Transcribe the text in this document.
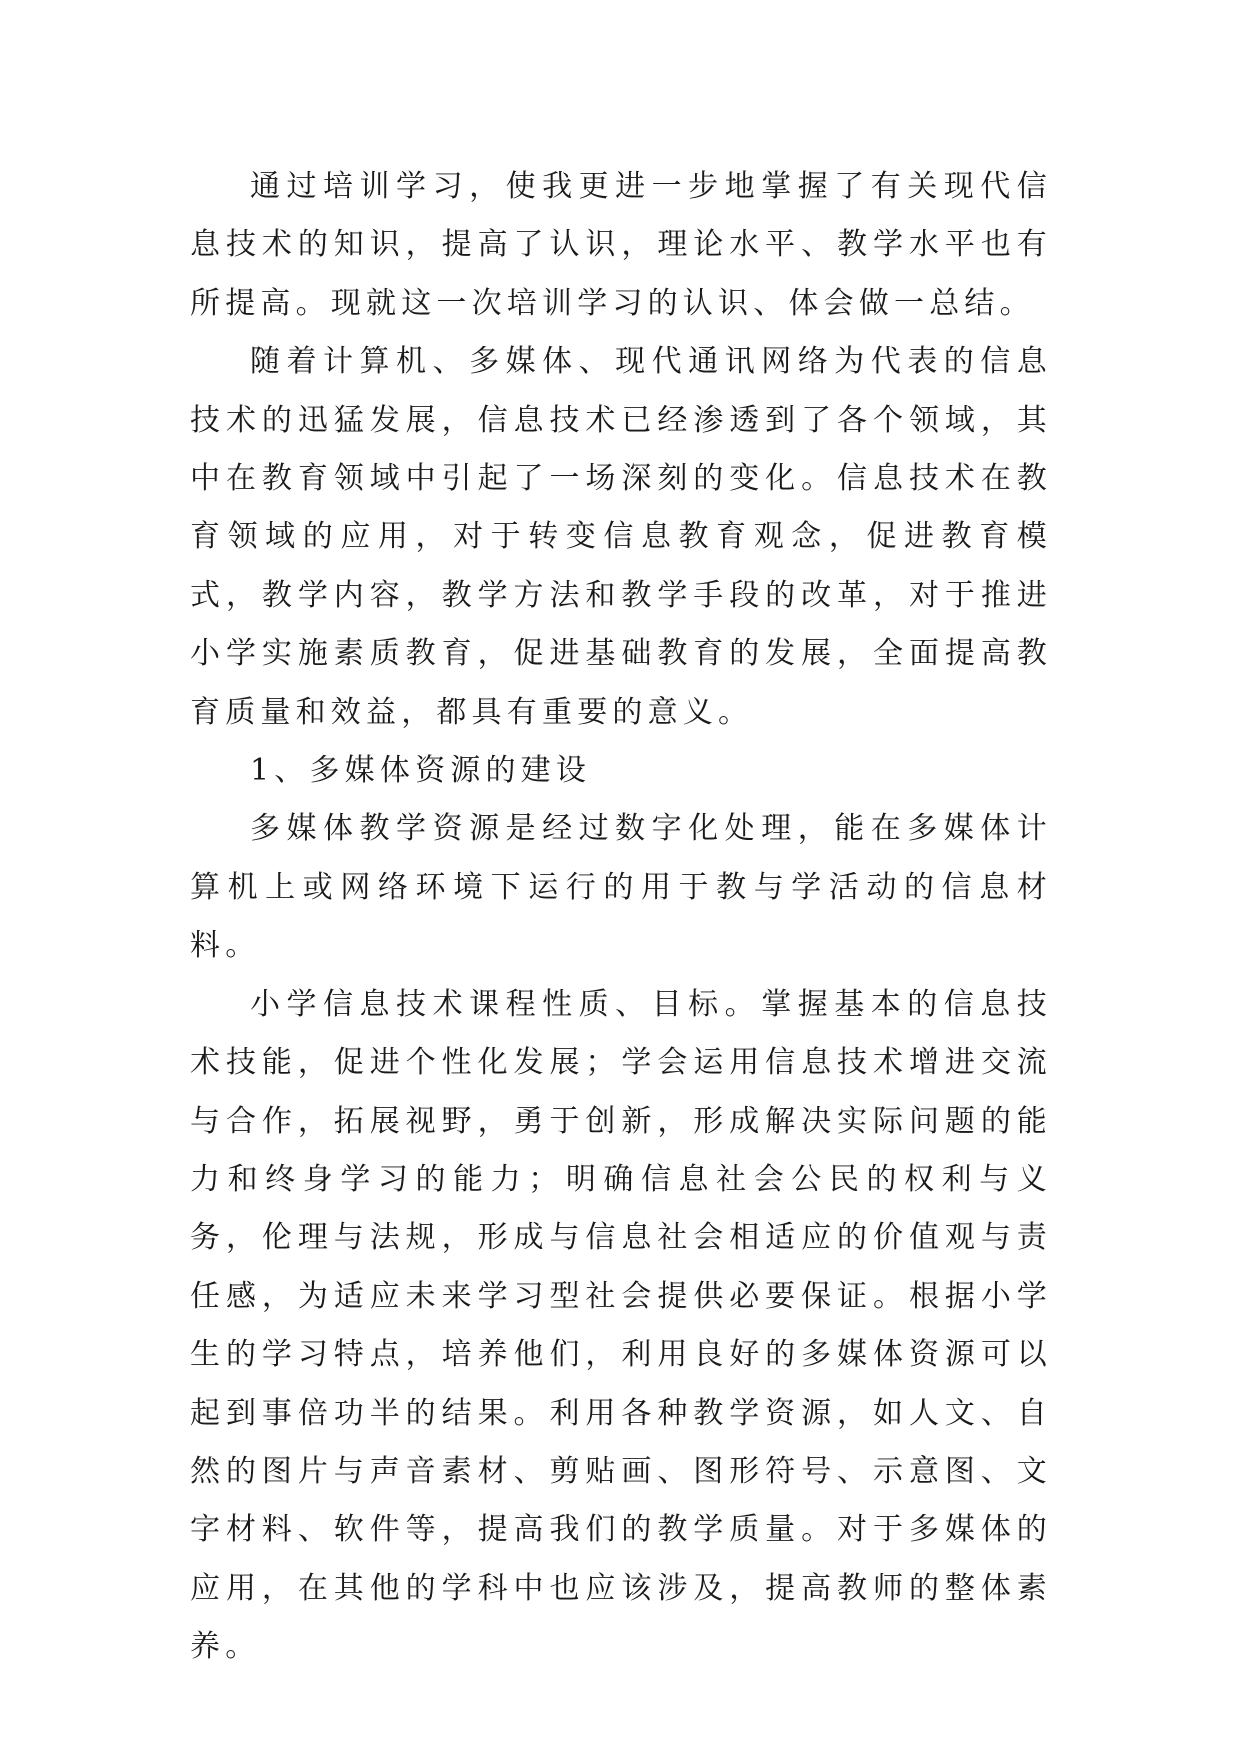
通过培训学习，使我更进一步地掌握了有关现代信息技术的知识，提高了认识，理论水平、教学水平也有所提高。现就这一次培训学习的认识、体会做一总结。

随着计算机、多媒体、现代通讯网络为代表的信息技术的迅猛发展，信息技术已经渗透到了各个领域，其中在教育领域中引起了一场深刻的变化。信息技术在教育领域的应用，对于转变信息教育观念，促进教育模式，教学内容，教学方法和教学手段的改革，对于推进小学实施素质教育，促进基础教育的发展，全面提高教育质量和效益，都具有重要的意义。

1、多媒体资源的建设

多媒体教学资源是经过数字化处理，能在多媒体计算机上或网络环境下运行的用于教与学活动的信息材料。

小学信息技术课程性质、目标。掌握基本的信息技术技能，促进个性化发展；学会运用信息技术增进交流与合作，拓展视野，勇于创新，形成解决实际问题的能力和终身学习的能力；明确信息社会公民的权利与义务，伦理与法规，形成与信息社会相适应的价值观与责任感，为适应未来学习型社会提供必要保证。根据小学生的学习特点，培养他们，利用良好的多媒体资源可以起到事倍功半的结果。利用各种教学资源，如人文、自然的图片与声音素材、剪贴画、图形符号、示意图、文字材料、软件等，提高我们的教学质量。对于多媒体的应用，在其他的学科中也应该涉及，提高教师的整体素养。
